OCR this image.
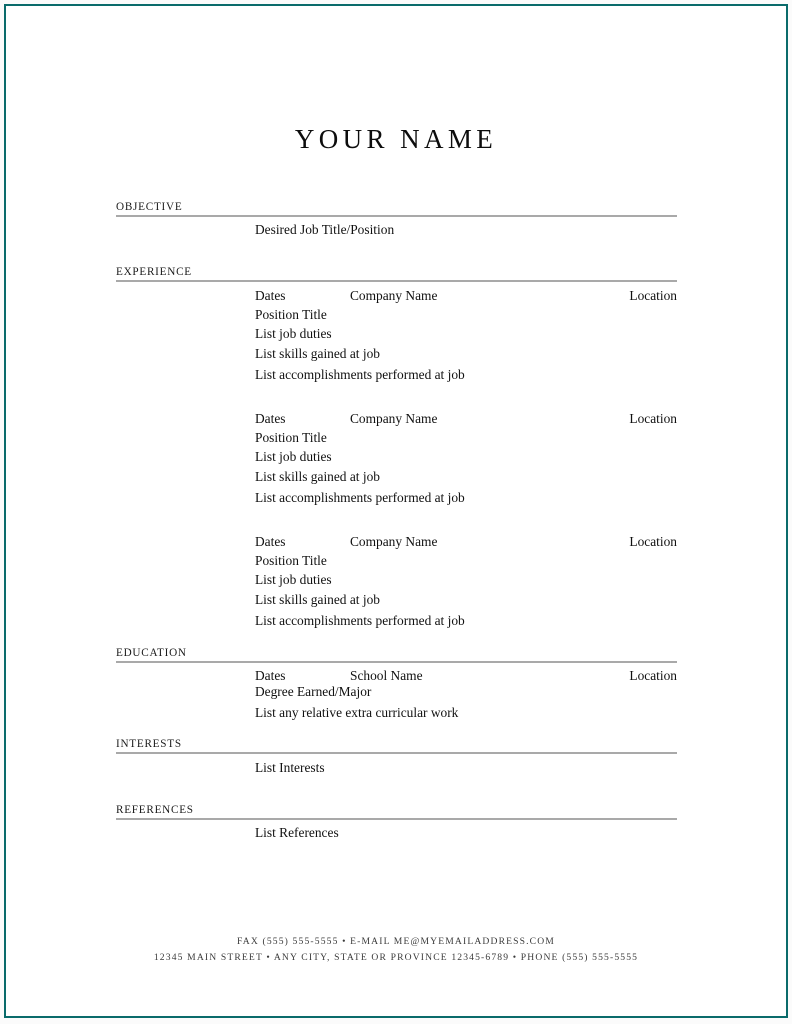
YOUR NAME
OBJECTIVE
Desired Job Title/Position
EXPERIENCE
Dates	Company Name	Location
Position Title
List job duties
List skills gained at job
List accomplishments performed at job
Dates	Company Name	Location
Position Title
List job duties
List skills gained at job
List accomplishments performed at job
Dates	Company Name	Location
Position Title
List job duties
List skills gained at job
List accomplishments performed at job
EDUCATION
Dates	School Name	Location
Degree Earned/Major
List any relative extra curricular work
INTERESTS
List Interests
REFERENCES
List References
FAX (555) 555-5555 • E-MAIL ME@MYEMAILADDRESS.COM
12345 MAIN STREET • ANY CITY, STATE OR PROVINCE 12345-6789 • PHONE (555) 555-5555
